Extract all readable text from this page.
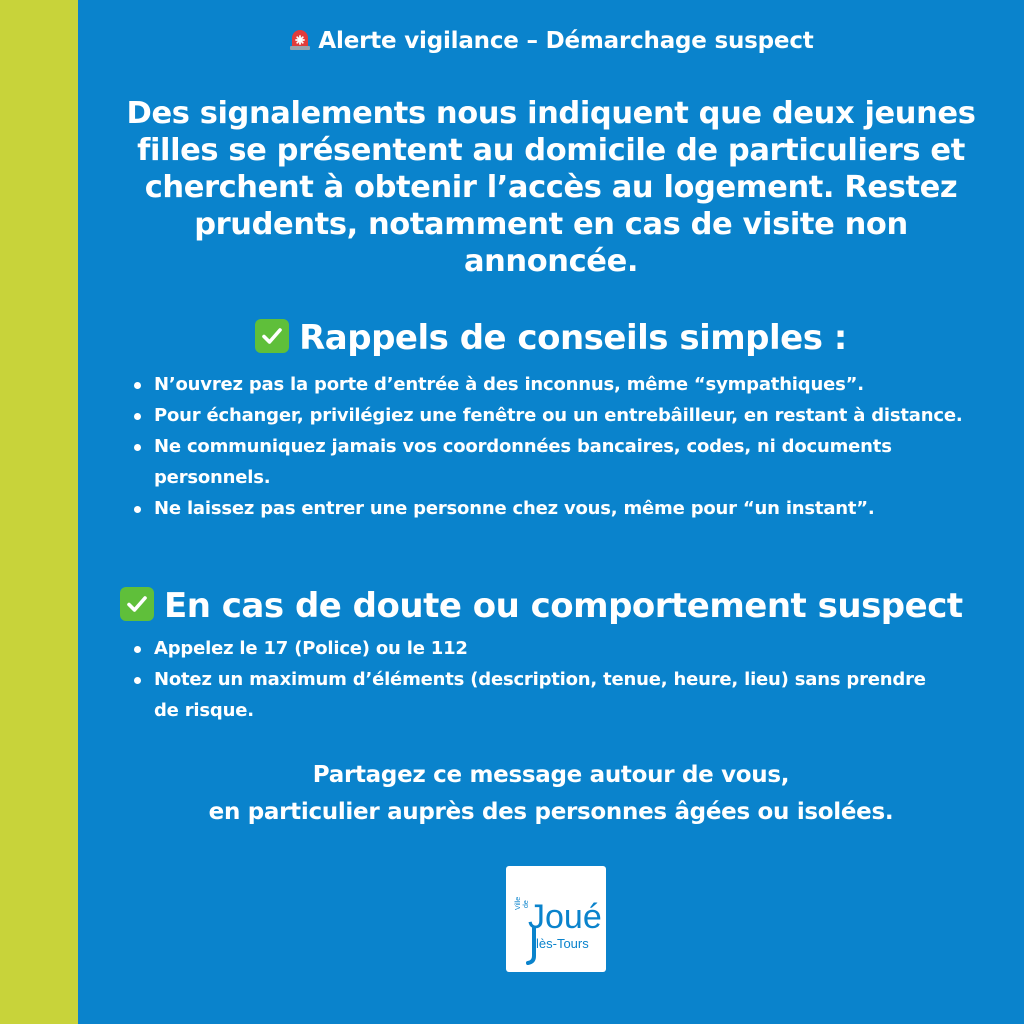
Alerte vigilance – Démarchage suspect
Des signalements nous indiquent que deux jeunes filles se présentent au domicile de particuliers et cherchent à obtenir l’accès au logement. Restez prudents, notamment en cas de visite non annoncée.
Rappels de conseils simples :
N’ouvrez pas la porte d’entrée à des inconnus, même “sympathiques”.
Pour échanger, privilégiez une fenêtre ou un entrebâilleur, en restant à distance.
Ne communiquez jamais vos coordonnées bancaires, codes, ni documents personnels.
Ne laissez pas entrer une personne chez vous, même pour “un instant”.
En cas de doute ou comportement suspect
Appelez le 17 (Police) ou le 112
Notez un maximum d’éléments (description, tenue, heure, lieu) sans prendre de risque.
Partagez ce message autour de vous,
en particulier auprès des personnes âgées ou isolées.
Ville de
Joué
lès-Tours
